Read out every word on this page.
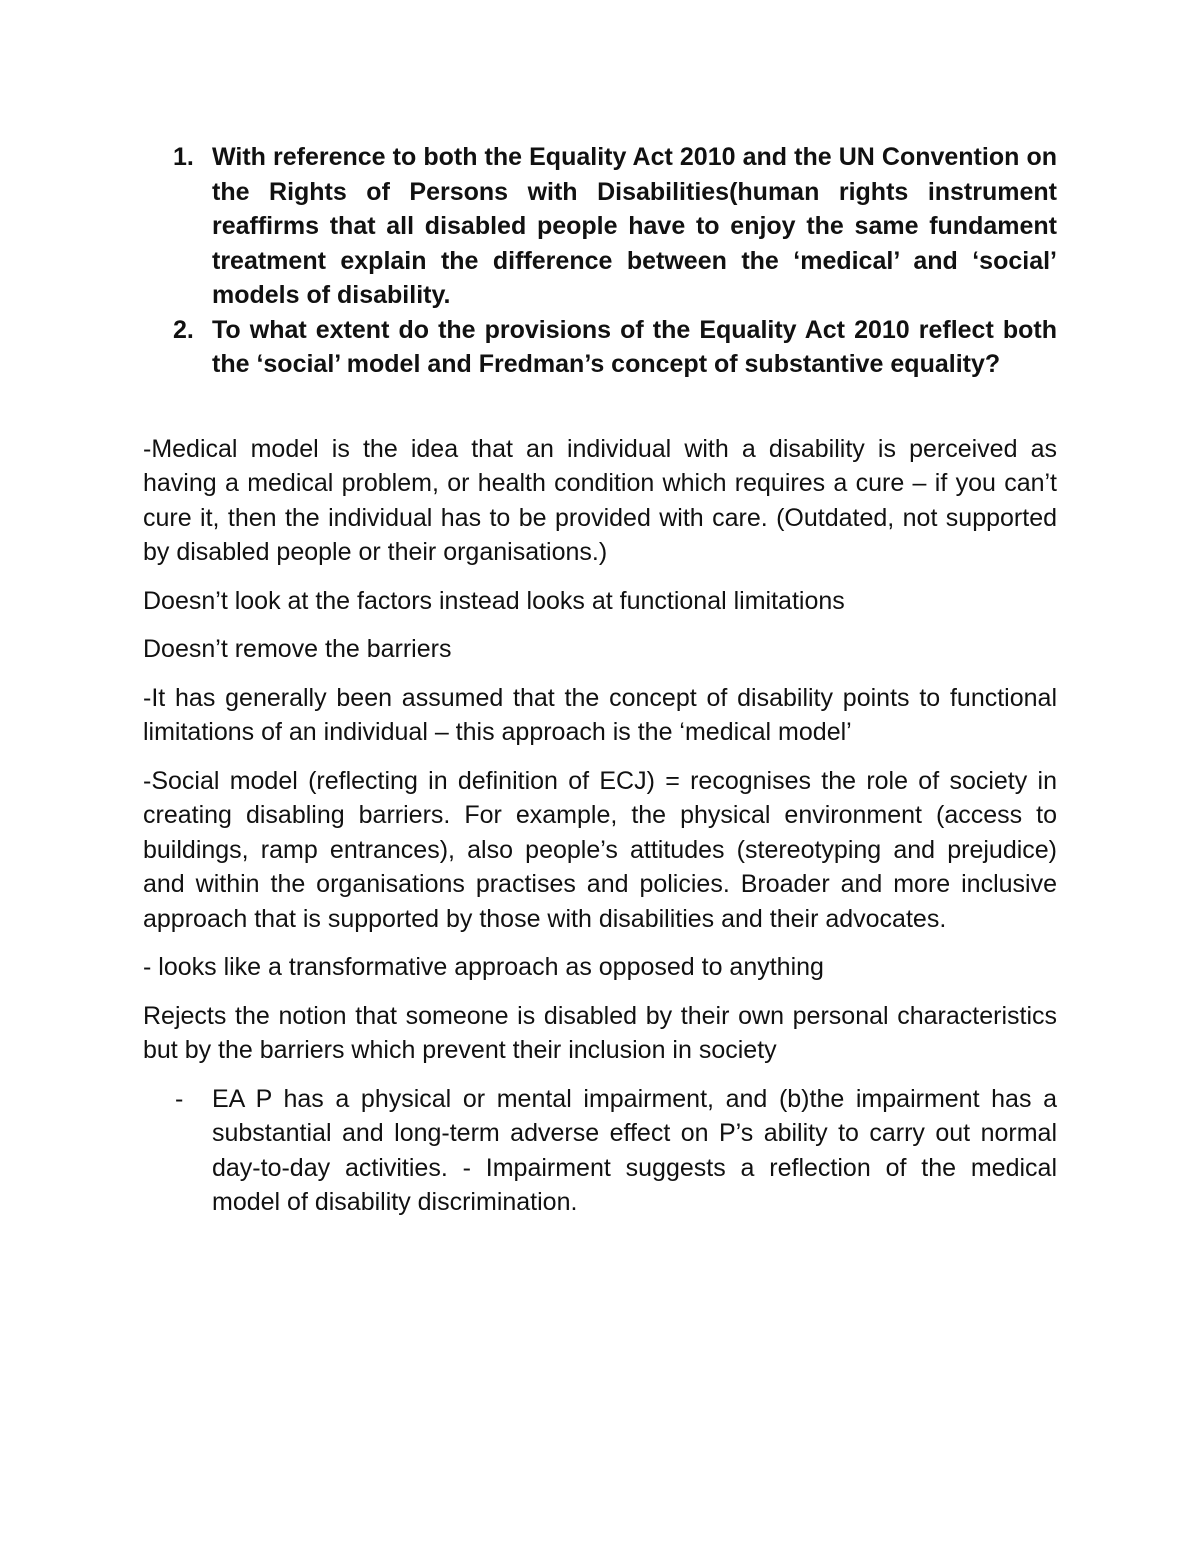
1. With reference to both the Equality Act 2010 and the UN Convention on the Rights of Persons with Disabilities(human rights instrument reaffirms that all disabled people have to enjoy the same fundament treatment explain the difference between the ‘medical’ and ‘social’ models of disability.
2. To what extent do the provisions of the Equality Act 2010 reflect both the ‘social’ model and Fredman’s concept of substantive equality?

-Medical model is the idea that an individual with a disability is perceived as having a medical problem, or health condition which requires a cure – if you can’t cure it, then the individual has to be provided with care. (Outdated, not supported by disabled people or their organisations.)

Doesn’t look at the factors instead looks at functional limitations

Doesn’t remove the barriers

-It has generally been assumed that the concept of disability points to functional limitations of an individual – this approach is the ‘medical model’

-Social model (reflecting in definition of ECJ) = recognises the role of society in creating disabling barriers. For example, the physical environment (access to buildings, ramp entrances), also people’s attitudes (stereotyping and prejudice) and within the organisations practises and policies. Broader and more inclusive approach that is supported by those with disabilities and their advocates.

- looks like a transformative approach as opposed to anything

Rejects the notion that someone is disabled by their own personal characteristics but by the barriers which prevent their inclusion in society

- EA P has a physical or mental impairment, and (b)the impairment has a substantial and long-term adverse effect on P’s ability to carry out normal day-to-day activities. - Impairment suggests a reflection of the medical model of disability discrimination.
